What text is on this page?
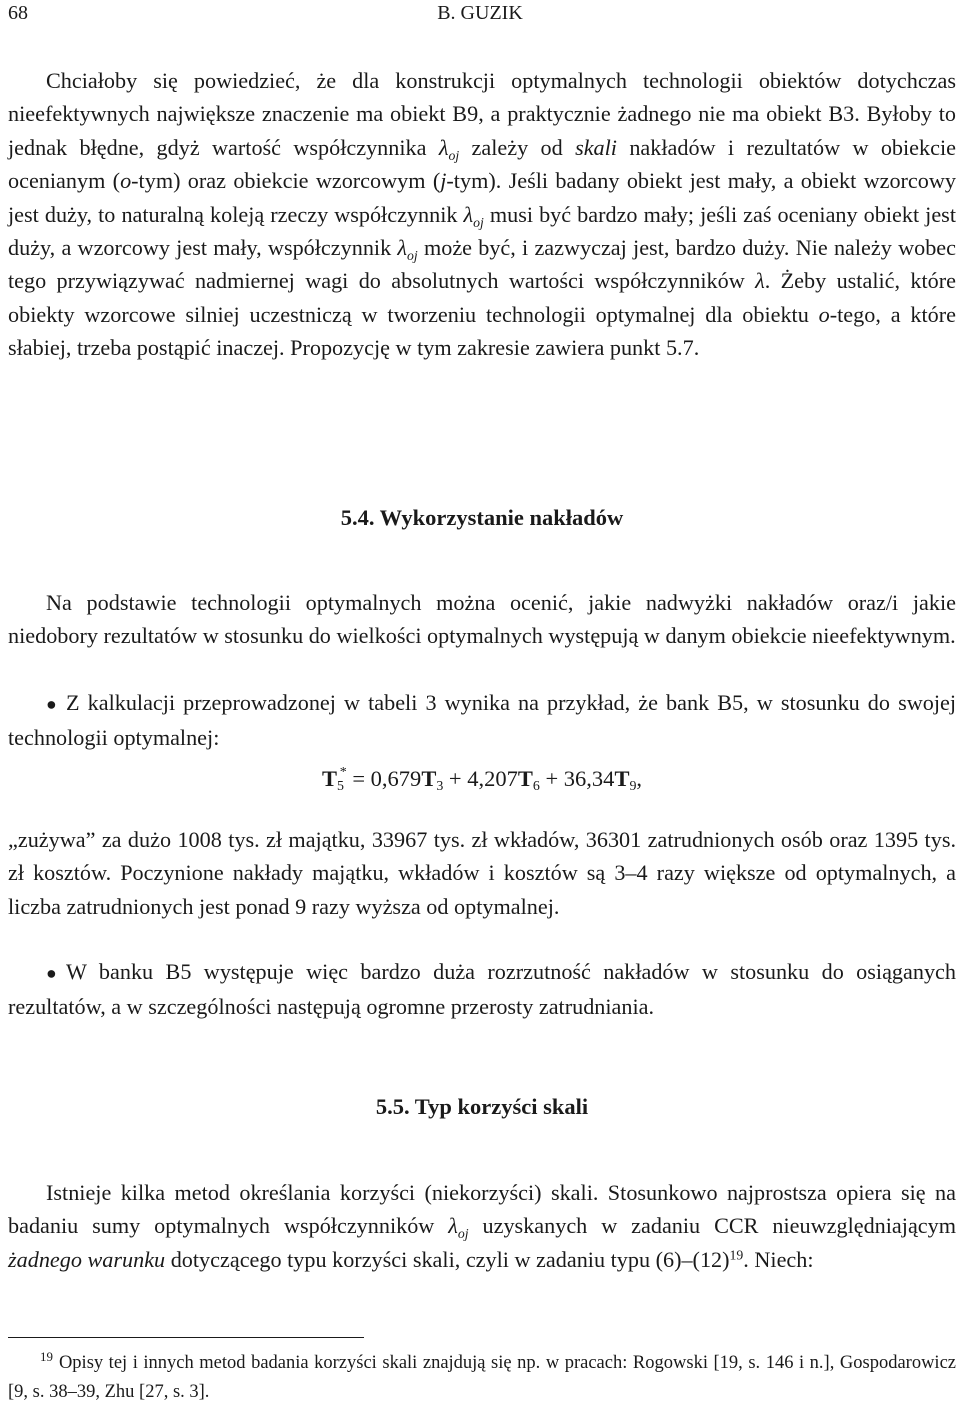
68	B. GUZIK

Chciałoby się powiedzieć, że dla konstrukcji optymalnych technologii obiektów dotychczas nieefektywnych największe znaczenie ma obiekt B9, a praktycznie żadnego nie ma obiekt B3. Byłoby to jednak błędne, gdyż wartość współczynnika $\lambda_{oj}$ zależy od skali nakładów i rezultatów w obiekcie ocenianym (o-tym) oraz obiekcie wzorcowym (j-tym). Jeśli badany obiekt jest mały, a obiekt wzorcowy jest duży, to naturalną koleją rzeczy współczynnik $\lambda_{oj}$ musi być bardzo mały; jeśli zaś oceniany obiekt jest duży, a wzorcowy jest mały, współczynnik $\lambda_{oj}$ może być, i zazwyczaj jest, bardzo duży. Nie należy wobec tego przywiązywać nadmiernej wagi do absolutnych wartości współczynników λ. Żeby ustalić, które obiekty wzorcowe silniej uczestniczą w tworzeniu technologii optymalnej dla obiektu o-tego, a które słabiej, trzeba postąpić inaczej. Propozycję w tym zakresie zawiera punkt 5.7.

5.4. Wykorzystanie nakładów

Na podstawie technologii optymalnych można ocenić, jakie nadwyżki nakładów oraz/i jakie niedobory rezultatów w stosunku do wielkości optymalnych występują w danym obiekcie nieefektywnym.

● Z kalkulacji przeprowadzonej w tabeli 3 wynika na przykład, że bank B5, w stosunku do swojej technologii optymalnej:

T5* = 0,679T3 + 4,207T6 + 36,34T9,

„zużywa” za dużo 1008 tys. zł majątku, 33967 tys. zł wkładów, 36301 zatrudnionych osób oraz 1395 tys. zł kosztów. Poczynione nakłady majątku, wkładów i kosztów są 3–4 razy większe od optymalnych, a liczba zatrudnionych jest ponad 9 razy wyższa od optymalnej.

● W banku B5 występuje więc bardzo duża rozrzutność nakładów w stosunku do osiąganych rezultatów, a w szczególności następują ogromne przerosty zatrudniania.

5.5. Typ korzyści skali

Istnieje kilka metod określania korzyści (niekorzyści) skali. Stosunkowo najprostsza opiera się na badaniu sumy optymalnych współczynników $\lambda_{oj}$ uzyskanych w zadaniu CCR nieuwzględniającym żadnego warunku dotyczącego typu korzyści skali, czyli w zadaniu typu $(6)-(12)^{19}$. Niech:

$^{19}$ Opisy tej i innych metod badania korzyści skali znajdują się np. w pracach: Rogowski [19, s. 146 i n.], Gospodarowicz [9, s. 38–39, Zhu [27, s. 3].
